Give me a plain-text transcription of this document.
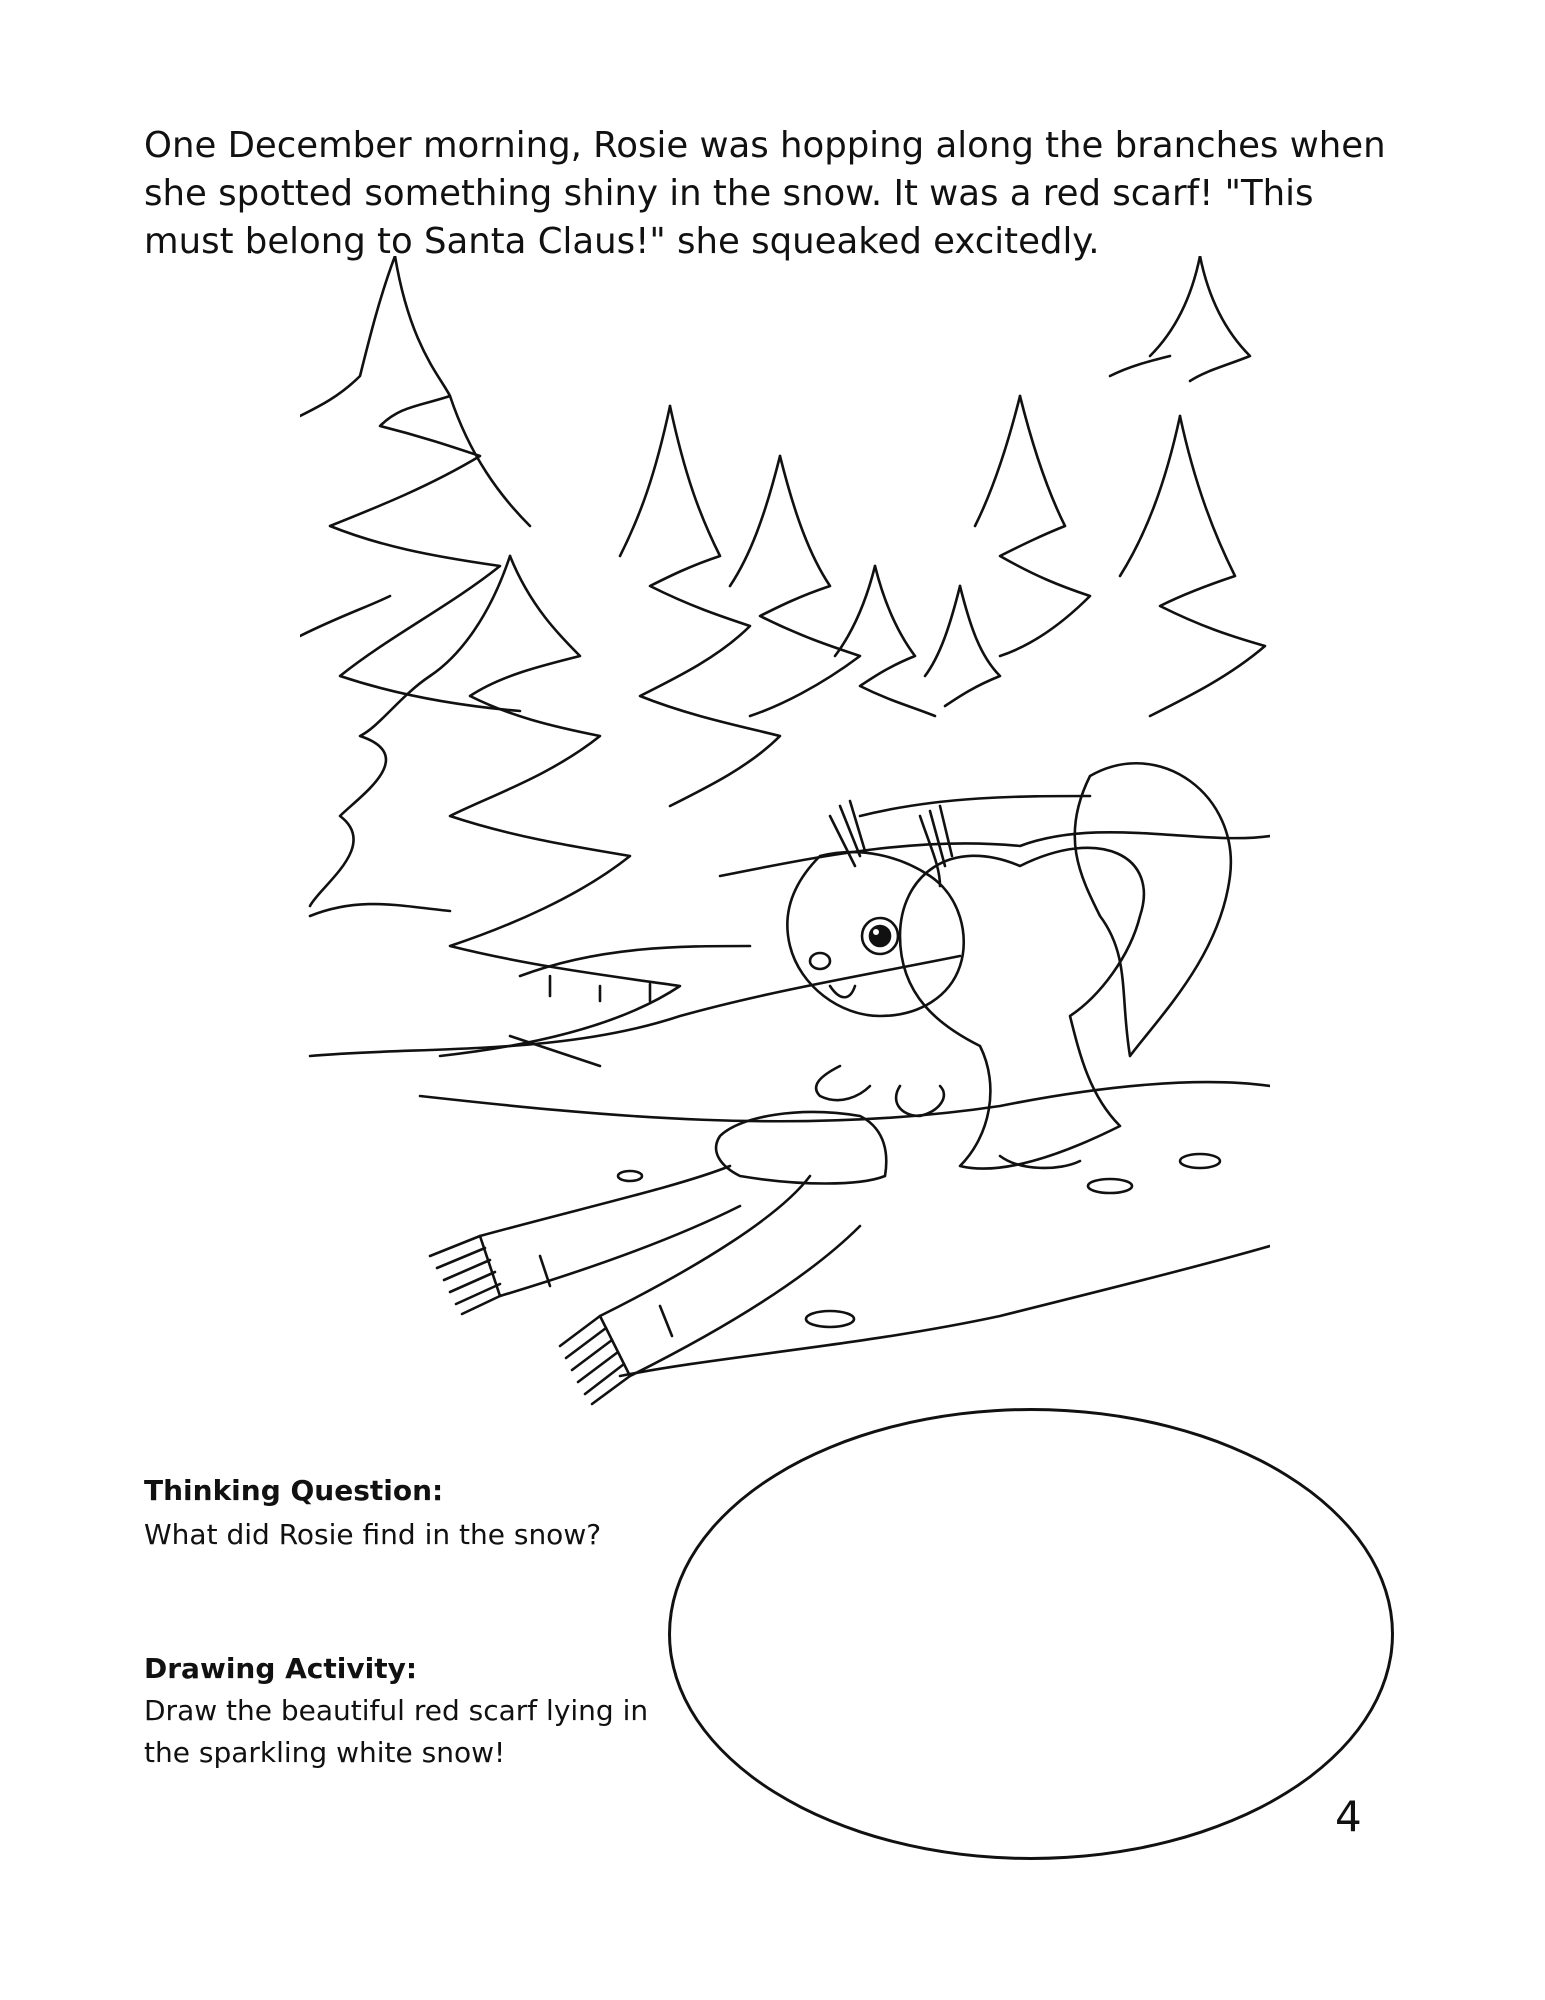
One December morning, Rosie was hopping along the branches when she spotted something shiny in the snow. It was a red scarf! "This must belong to Santa Claus!" she squeaked excitedly.

Thinking Question:

What did Rosie find in the snow?

Drawing Activity:

Draw the beautiful red scarf lying in the sparkling white snow!

4
